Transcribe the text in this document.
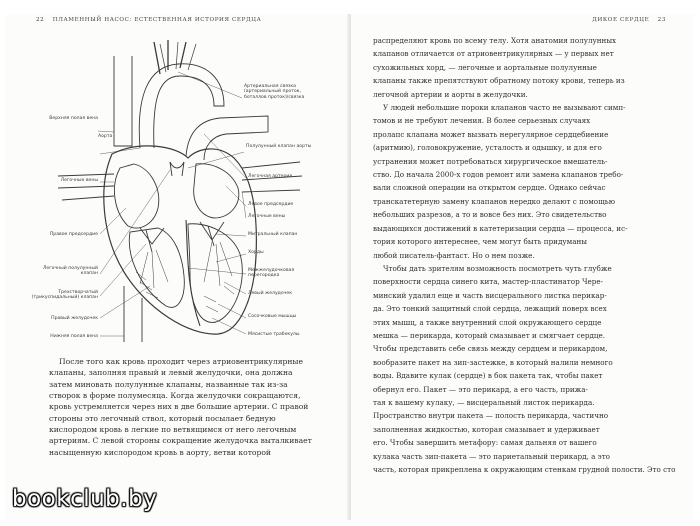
22 ПЛАМЕННЫЙ НАСОС: ЕСТЕСТВЕННАЯ ИСТОРИЯ СЕРДЦА
Верхняя полая вена
Аорта
Легочные вены
Правое предсердие
Легочный полулунный клапан
Трехстворчатый (трикуспидальный) клапан
Правый желудочек
Нижняя полая вена
Артериальная связка (артериальный проток, боталлов проток)/связка
Полулунный клапан аорты
Легочная артерия
Левое предсердие
Легочные вены
Митральный клапан
Хорды
Межжелудочковая перегородка
Левый желудочек
Сосочковые мышцы
Мясистые трабекулы
После того как кровь проходит через атриовентрикулярные
клапаны, заполняя правый и левый желудочки, она должна
затем миновать полулунные клапаны, названные так из-за
створок в форме полумесяца. Когда желудочки сокращаются,
кровь устремляется через них в две большие артерии. С правой
стороны это легочный ствол, который посылает бедную
кислородом кровь в легкие по ветвящимся от него легочным
артериям. С левой стороны сокращение желудочка выталкивает
насыщенную кислородом кровь в аорту, ветви которой
ДИКОЕ СЕРДЦЕ 23
распределяют кровь по всему телу. Хотя анатомия полулунных
клапанов отличается от атриовентрикулярных — у первых нет
сухожильных хорд, — легочные и аортальные полулунные
клапаны также препятствуют обратному потоку крови, теперь из
легочной артерии и аорты в желудочки.
У людей небольшие пороки клапанов часто не вызывают симп-
томов и не требуют лечения. В более серьезных случаях
пролапс клапана может вызвать нерегулярное сердцебиение
(аритмию), головокружение, усталость и одышку, и для его
устранения может потребоваться хирургическое вмешатель-
ство. До начала 2000-х годов ремонт или замена клапанов требо-
вали сложной операции на открытом сердце. Однако сейчас
транскатетерную замену клапанов нередко делают с помощью
небольших разрезов, а то и вовсе без них. Это свидетельство
выдающихся достижений в катетеризации сердца — процесса, ис-
тория которого интереснее, чем могут быть придуманы
любой писатель-фантаст. Но о нем позже.
Чтобы дать зрителям возможность посмотреть чуть глубже
поверхности сердца синего кита, мастер-пластинатор Чере-
минский удалил еще и часть висцерального листка перикар-
да. Это тонкий защитный слой сердца, лежащий поверх всех
этих мышц, а также внутренний слой окружающего сердце
мешка — перикарда, который смазывает и смягчает сердце.
Чтобы представить себе связь между сердцем и перикардом,
вообразите пакет на зип-застежке, в который налили немного
воды. Вдавите кулак (сердце) в бок пакета так, чтобы пакет
обернул его. Пакет — это перикард, а его часть, прижа-
тая к вашему кулаку, — висцеральный листок перикарда.
Пространство внутри пакета — полость перикарда, частично
заполненная жидкостью, которая смазывает и удерживает
его. Чтобы завершить метафору: самая дальняя от вашего
кулака часть зип-пакета — это париетальный перикард, а это
часть, которая прикреплена к окружающим стенкам грудной полости. Это сто
bookclub.by
